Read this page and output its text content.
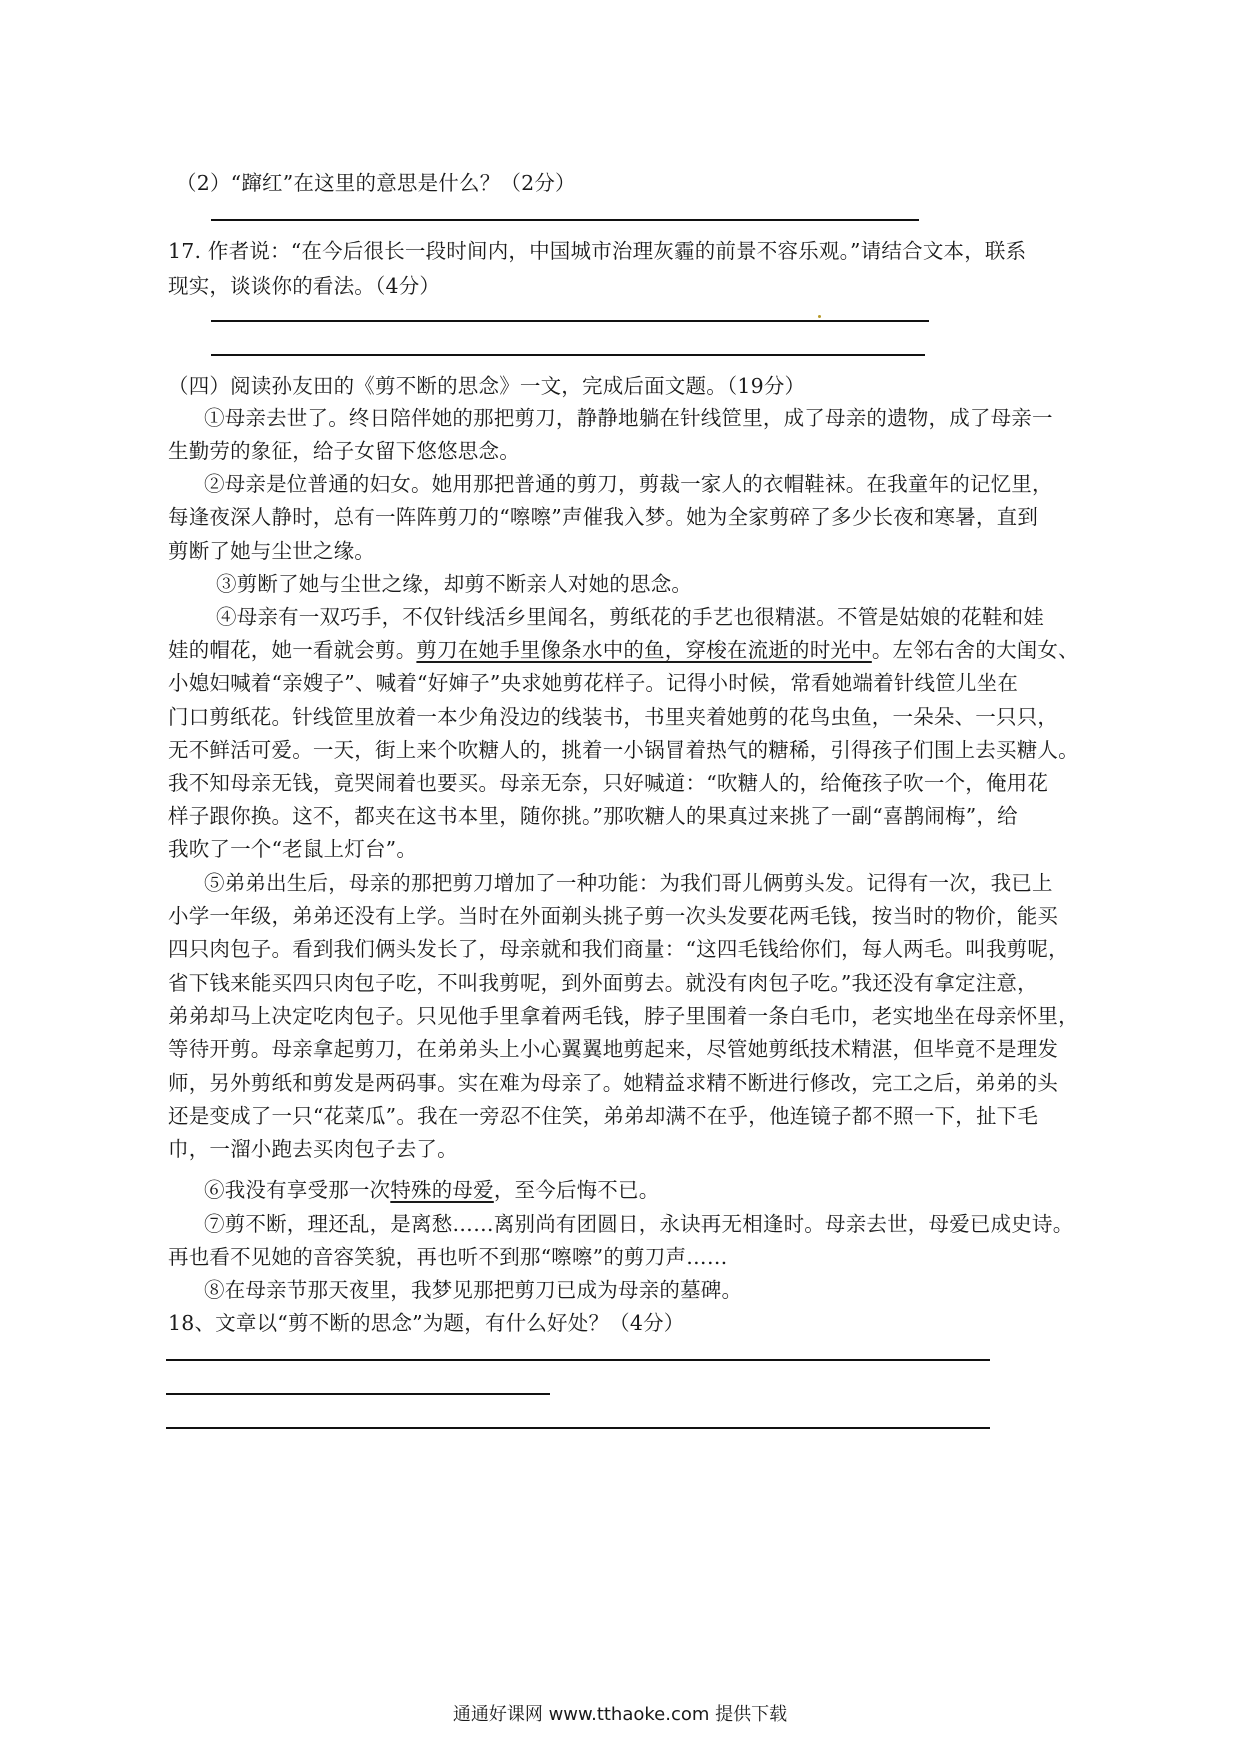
（2）“蹿红”在这里的意思是什么？（2分）
17. 作者说：“在今后很长一段时间内，中国城市治理灰霾的前景不容乐观。”请结合文本，联系
现实，谈谈你的看法。（4分）
（四）阅读孙友田的《剪不断的思念》一文，完成后面文题。（19分）
①母亲去世了。终日陪伴她的那把剪刀，静静地躺在针线笸里，成了母亲的遗物，成了母亲一
生勤劳的象征，给子女留下悠悠思念。
②母亲是位普通的妇女。她用那把普通的剪刀，剪裁一家人的衣帽鞋袜。在我童年的记忆里，
每逢夜深人静时，总有一阵阵剪刀的“嚓嚓”声催我入梦。她为全家剪碎了多少长夜和寒暑，直到
剪断了她与尘世之缘。
③剪断了她与尘世之缘，却剪不断亲人对她的思念。
④母亲有一双巧手，不仅针线活乡里闻名，剪纸花的手艺也很精湛。不管是姑娘的花鞋和娃
娃的帽花，她一看就会剪。剪刀在她手里像条水中的鱼，穿梭在流逝的时光中。左邻右舍的大闺女、
小媳妇喊着“亲嫂子”、喊着“好婶子”央求她剪花样子。记得小时候，常看她端着针线笸儿坐在
门口剪纸花。针线笸里放着一本少角没边的线装书，书里夹着她剪的花鸟虫鱼，一朵朵、一只只，
无不鲜活可爱。一天，街上来个吹糖人的，挑着一小锅冒着热气的糖稀，引得孩子们围上去买糖人。
我不知母亲无钱，竟哭闹着也要买。母亲无奈，只好喊道：“吹糖人的，给俺孩子吹一个，俺用花
样子跟你换。这不，都夹在这书本里，随你挑。”那吹糖人的果真过来挑了一副“喜鹊闹梅”，给
我吹了一个“老鼠上灯台”。
⑤弟弟出生后，母亲的那把剪刀增加了一种功能：为我们哥儿俩剪头发。记得有一次，我已上
小学一年级，弟弟还没有上学。当时在外面剃头挑子剪一次头发要花两毛钱，按当时的物价，能买
四只肉包子。看到我们俩头发长了，母亲就和我们商量：“这四毛钱给你们，每人两毛。叫我剪呢，
省下钱来能买四只肉包子吃，不叫我剪呢，到外面剪去。就没有肉包子吃。”我还没有拿定注意，
弟弟却马上决定吃肉包子。只见他手里拿着两毛钱，脖子里围着一条白毛巾，老实地坐在母亲怀里，
等待开剪。母亲拿起剪刀，在弟弟头上小心翼翼地剪起来，尽管她剪纸技术精湛，但毕竟不是理发
师，另外剪纸和剪发是两码事。实在难为母亲了。她精益求精不断进行修改，完工之后，弟弟的头
还是变成了一只“花菜瓜”。我在一旁忍不住笑，弟弟却满不在乎，他连镜子都不照一下，扯下毛
巾，一溜小跑去买肉包子去了。
⑥我没有享受那一次特殊的母爱，至今后悔不已。
⑦剪不断，理还乱，是离愁……离别尚有团圆日，永诀再无相逢时。母亲去世，母爱已成史诗。
再也看不见她的音容笑貌，再也听不到那“嚓嚓”的剪刀声……
⑧在母亲节那天夜里，我梦见那把剪刀已成为母亲的墓碑。
18、文章以“剪不断的思念”为题，有什么好处？（4分）
通通好课网 www.tthaoke.com 提供下载
